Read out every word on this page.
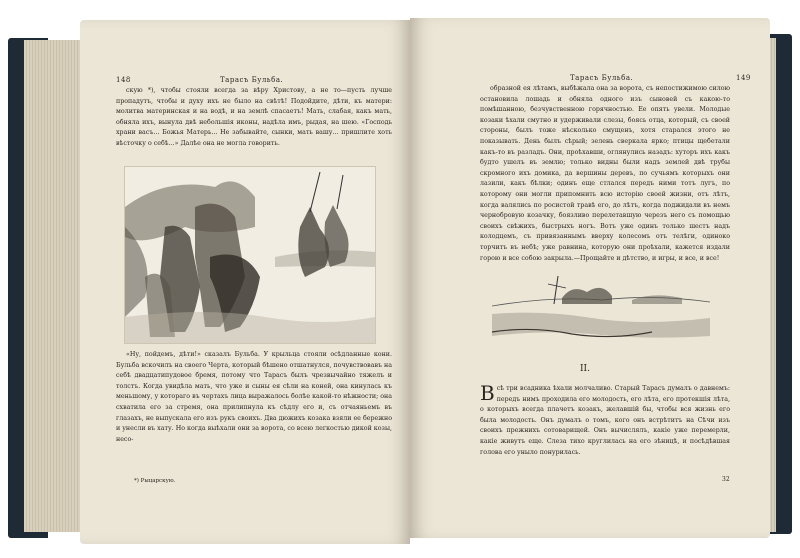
148	Тарасъ Бульба.

скую *), чтобы стояли всегда за вѣру Христову, а не то—пусть лучше пропадутъ, чтобы и духу ихъ не было на свѣтѣ! Подойдите, дѣти, къ матери: молитва материнская и на водѣ, и на землѣ спасаетъ! Мать, слабая, какъ мать, обняла ихъ, вынула двѣ небольшія иконы, надѣла имъ, рыдая, на шею. «Господь храни васъ... Божья Матерь... Не забывайте, сынки, мать вашу... пришлите хоть вѣсточку о себѣ...» Далѣе она не могла говорить.

«Ну, пойдемъ, дѣти!» сказалъ Бульба. У крыльца стояли осѣдланные кони. Бульба вскочилъ на своего Черта, который бѣшено отшатнулся, почувствовавъ на себѣ двадцатипудовое бремя, потому что Тарасъ былъ чрезвычайно тяжелъ и толстъ. Когда увидѣла мать, что уже и сыны ея сѣли на коней, она кинулась къ меньшому, у котораго въ чертахъ лица выражалось болѣе какой-то нѣжности; она схватила его за стремя, она прилипнула къ сѣдлу его и, съ отчаяньемъ въ глазахъ, не выпускала его изъ рукъ своихъ. Два дюжихъ козака взяли ее бережно и унесли въ хату. Но когда выѣхали они за ворота, со всею легкостью дикой козы, несо-

*) Рыцарскую.
Тарасъ Бульба.	149

образной ея лѣтамъ, выбѣжала она за ворота, съ непостижимою силою остановила лошадь и обняла одного изъ сыновей съ какою-то помѣшанною, безчувственною горячностью. Ее опять увели. Молодые козаки ѣхали смутно и удерживали слезы, боясь отца, который, съ своей стороны, былъ тоже нѣсколько смущенъ, хотя старался этого не показывать. День былъ сѣрый; зелень сверкала ярко; птицы щебетали какъ-то въ разладъ. Они, проѣхавши, оглянулись назадъ: хуторъ ихъ какъ будто ушелъ въ землю; только видны были надъ землей двѣ трубы скромного ихъ домика, да вершины деревъ, по сучьямъ которыхъ они лазили, какъ бѣлки; одинъ еще стлался передъ ними тотъ лугъ, по которому они могли припомнить всю исторію своей жизни, отъ лѣтъ, когда валялись по росистой травѣ его, до лѣтъ, когда поджидали въ немъ чернобровую козачку, боязливо перелетавшую черезъ него съ помощью своихъ свѣжихъ, быстрыхъ ногъ. Вотъ уже одинъ только шестъ надъ колодцемъ, съ привязаннымъ вверху колесомъ отъ телѣги, одиноко торчитъ въ небѣ; уже равнина, которую они проѣхали, кажется издали горою и все собою закрыла.—Прощайте и дѣтство, и игры, и все, и все!

II.
В сѣ три всадника ѣхали молчаливо. Старый Тарасъ думалъ о давнемъ: передъ нимъ проходила его молодость, его лѣта, его протекшія лѣта, о которыхъ всегда плачетъ козакъ, желавшій бы, чтобы вся жизнь его была молодость. Онъ думалъ о томъ, кого онъ встрѣтитъ на Сѣчи изъ своихъ прежнихъ сотоварищей. Онъ вычислялъ, какіе уже перемерли, какіе живутъ еще. Слеза тихо круглилась на его зѣницѣ, и посѣдѣвшая голова его уныло понурилась.
32
